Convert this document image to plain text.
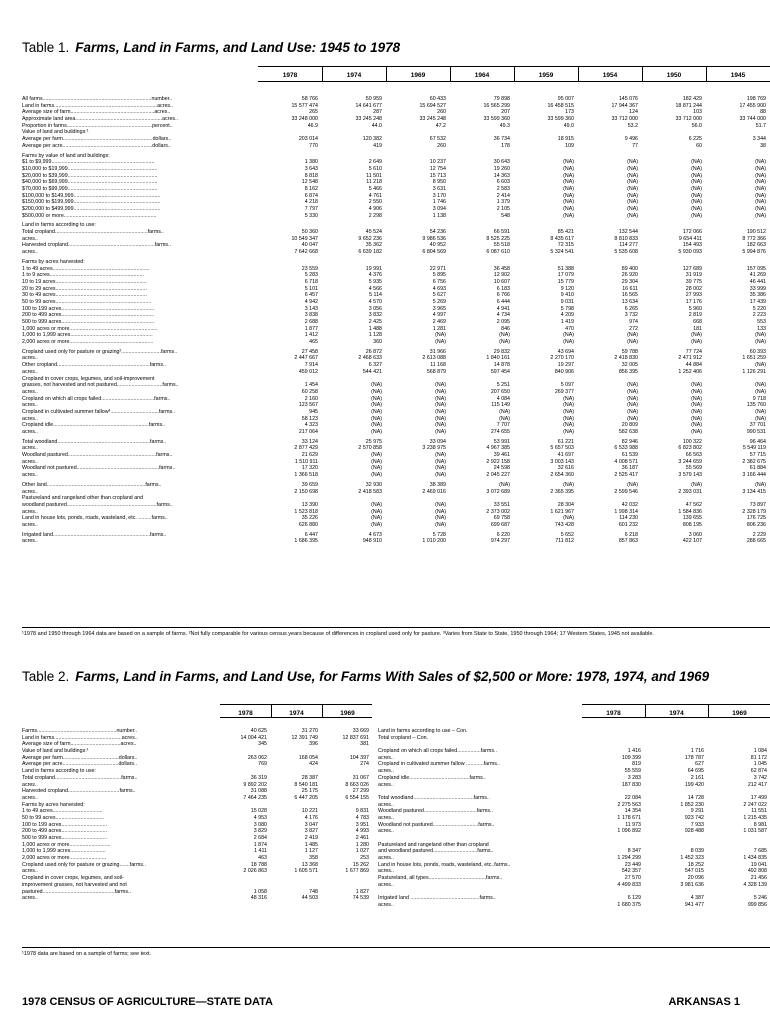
Table 1. Farms, Land in Farms, and Land Use: 1945 to 1978
1978	1974	1969	1964	1959	1954	1950	1945
All farms..........................................................................number..	58 766	50 959	60 433	79 898	95 007	145 076	182 429	198 769
Land in farms......................................................................acres..	15 577 474	14 641 677	15 694 527	16 565 299	16 458 515	17 944 367	18 871 244	17 455 900
Average size of farm.........................................................acres..	265	287	260	207	173	124	103	88
Approximate land area...........................................................acres..	33 248 000	33 245 248	33 245 248	33 599 360	33 599 360	33 712 000	33 712 000	33 744 000
Proportion in farms..........................................................percent..	46.9	44.0	47.2	49.3	49.0	53.2	56.0	51.7
Value of land and buildings:¹
Average per farm.............................................................dollars..	203 014	120 382	67 532	36 734	18 915	9 496	6 225	3 344
Average per acre.............................................................dollars..	770	419	260	178	109	77	60	38
Farms by value of land and buildings:
$1 to $9,999......................................................................	1 380	2 649	10 237	30 643	(NA)	(NA)	(NA)	(NA)
$10,000 to $19,999.............................................................	3 643	5 610	12 754	19 260	(NA)	(NA)	(NA)	(NA)
$20,000 to $39,999.............................................................	8 818	11 501	15 713	14 363	(NA)	(NA)	(NA)	(NA)
$40,000 to $69,999.............................................................	12 548	11 218	8 950	6 603	(NA)	(NA)	(NA)	(NA)
$70,000 to $99,999.............................................................	8 162	5 466	3 631	2 583	(NA)	(NA)	(NA)	(NA)
$100,000 to $149,999...........................................................	6 874	4 761	3 170	2 414	(NA)	(NA)	(NA)	(NA)
$150,000 to $199,999...........................................................	4 218	2 550	1 746	1 379	(NA)	(NA)	(NA)	(NA)
$200,000 to $499,999...........................................................	7 797	4 906	3 094	2 105	(NA)	(NA)	(NA)	(NA)
$500,000 or more...............................................................	5 330	2 298	1 138	548	(NA)	(NA)	(NA)	(NA)
Land in farms according to use:
Total cropland...............................................................farms..	50 360	45 524	54 236	66 591	85 421	132 544	172 066	190 512
acres..	10 549 347	9 652 236	9 986 536	8 525 225	8 435 617	8 810 833	9 654 411	8 772 366
Harvested cropland...........................................................farms..	40 047	35 362	40 952	55 518	72 315	114 277	154 493	182 663
acres..	7 642 668	6 639 182	6 804 569	6 087 610	5 324 541	5 535 608	5 930 093	5 994 876
Farms by acres harvested:
1 to 49 acres..................................................................	23 559	19 991	22 971	36 458	51 388	89 400	127 689	157 095
1 to 9 acres................................................................	5 283	4 376	5 895	12 902	17 079	26 920	31 919	41 269
10 to 19 acres..............................................................	6 718	5 935	6 756	10 607	15 779	29 304	39 775	46 441
20 to 29 acres..............................................................	5 101	4 566	4 693	6 183	9 120	16 611	28 002	33 999
30 to 49 acres..............................................................	6 457	5 114	5 627	6 766	9 410	16 565	27 993	35 386
50 to 99 acres.................................................................	4 942	4 570	5 269	6 444	9 031	13 634	17 176	17 439
100 to 199 acres...............................................................	3 143	3 056	3 965	4 941	5 798	6 265	5 960	5 220
200 to 499 acres...............................................................	3 838	3 832	4 997	4 734	4 209	3 732	2 819	2 223
500 to 999 acres...............................................................	2 688	2 425	2 469	2 095	1 419	974	668	553
1,000 acres or more............................................................	1 877	1 488	1 281	846	470	272	181	133
1,000 to 1,999 acres........................................................	1 412	1 128	(NA)	(NA)	(NA)	(NA)	(NA)	(NA)
2,000 acres or more.........................................................	465	360	(NA)	(NA)	(NA)	(NA)	(NA)	(NA)
Cropland used only for pasture or grazing²...........................farms..	27 458	26 872	31 966	29 832	43 694	59 788	77 724	60 393
acres..	2 447 667	2 468 633	2 613 088	1 840 161	2 270 170	2 418 830	2 471 912	1 651 259
Other cropland...............................................................farms..	7 914	6 327	11 168	14 878	19 297	32 005	44 884	(NA)
acres..	459 012	544 421	568 879	597 454	840 906	856 395	1 252 406	1 126 291
Cropland in cover crops, legumes, and soil-improvement
grasses, not harvested and not pastured...............................farms..	1 454	(NA)	(NA)	5 251	5 097	(NA)	(NA)	(NA)
acres..	60 258	(NA)	(NA)	207 650	269 377	(NA)	(NA)	(NA)
Cropland on which all crops failed....................................farms..	2 160	(NA)	(NA)	4 084	(NA)	(NA)	(NA)	9 718
acres..	123 567	(NA)	(NA)	115 149	(NA)	(NA)	(NA)	135 760
Cropland in cultivated summer fallow³.................................farms..	945	(NA)	(NA)	(NA)	(NA)	(NA)	(NA)	(NA)
acres..	58 123	(NA)	(NA)	(NA)	(NA)	(NA)	(NA)	(NA)
Cropland idle.................................................................farms..	4 323	(NA)	(NA)	7 707	(NA)	20 809	(NA)	37 701
acres..	217 064	(NA)	(NA)	274 655	(NA)	582 638	(NA)	990 531
Total woodland...............................................................farms..	33 124	25 975	33 094	53 991	61 221	82 946	100 322	96 464
acres..	2 877 429	2 570 858	3 238 975	4 967 385	5 657 503	6 533 988	6 823 802	5 549 119
Woodland pastured............................................................farms..	21 629	(NA)	(NA)	39 461	41 697	61 539	66 563	57 715
acres..	1 510 911	(NA)	(NA)	2 922 158	3 003 143	4 008 571	3 244 659	2 382 675
Woodland not pastured........................................................farms..	17 320	(NA)	(NA)	24 598	32 616	36 187	55 569	61 884
acres..	1 366 518	(NA)	(NA)	2 045 227	2 654 360	2 525 417	3 579 143	3 166 444
Other land...................................................................farms..	39 659	32 930	38 389	(NA)	(NA)	(NA)	(NA)	(NA)
acres..	2 150 698	2 418 583	2 469 016	3 072 689	2 365 395	2 599 546	2 393 031	3 134 415
Pastureland and rangeland other than cropland and
woodland pastured.............................................................farms..	13 390	(NA)	(NA)	33 551	28 304	42 032	47 562	73 897
acres..	1 523 818	(NA)	(NA)	2 373 002	1 621 967	1 998 314	1 584 836	2 328 179
Land in house lots, ponds, roads, wasteland, etc. .........farms..	35 226	(NA)	(NA)	69 758	(NA)	114 230	139 655	176 725
acres..	626 880	(NA)	(NA)	699 687	743 428	601 232	808 195	806 236
Irrigated land..................................................................farms..	6 447	4 673	5 728	6 220	5 652	6 218	3 060	2 229
acres..	1 686 395	948 910	1 010 200	974 297	711 812	857 863	422 107	288 665
¹1978 and 1950 through 1964 data are based on a sample of farms. ²Not fully comparable for various census years because of differences in cropland used only for pasture. ³Varies from State to State, 1950 through 1964; 17 Western States, 1945 not available.
Table 2. Farms, Land in Farms, and Land Use, for Farms With Sales of $2,500 or More: 1978, 1974, and 1969
1978	1974	1969	1978	1974	1969
Farms......................................................number..	40 625	31 270	33 669
Land in farms..............................................acres..	14 004 421	12 391 749	12 837 691
Average size of farm..................................acres..	345	396	381
Value of land and buildings:¹
Average per farm......................................dollars..	263 062	168 054	104 397
Average per acre......................................dollars..	769	424	274
Land in farms according to use:
Total cropland.............................................farms..	36 319	28 387	31 067
acres..	9 892 202	8 540 181	8 663 026
Harvested cropland...................................farms..	31 088	25 175	27 299
acres..	7 464 235	6 447 205	6 554 155
Farms by acres harvested:
1 to 49 acres..................................	15 028	10 221	9 831
50 to 99 acres.................................	4 953	4 176	4 783
100 to 199 acres...............................	3 080	3 047	3 951
200 to 499 acres...............................	3 829	3 827	4 993
500 to 999 acres...............................	2 684	2 419	2 461
1,000 acres or more............................	1 874	1 485	1 280
1,000 to 1,999 acres........................	1 411	1 127	1 027
2,000 acres or more.........................	463	358	253
Cropland used only for pasture or grazing.......farms..	18 788	13 368	15 262
acres..	2 026 863	1 605 571	1 677 869
Cropland in cover crops, legumes, and soil-
improvement grasses, not harvested and not
pastured.................................................farms..	1 058	748	1 827
acres..	48 316	44 503	74 539
Land in farms according to use – Con.
Total cropland – Con.
Cropland on which all crops failed................farms..	1 416	1 716	1 084
acres..	109 399	178 787	81 172
Cropland in cultivated summer fallow ............farms..	819	627	1 045
acres..	55 559	64 695	62 874
Cropland idle.........................................farms..	3 283	2 161	3 742
acres..	187 830	199 420	212 417
Total woodland.........................................farms..	22 084	14 728	17 499
acres..	2 275 563	1 852 230	2 247 022
Woodland pastured....................................farms..	14 354	9 291	11 551
acres..	1 178 671	923 742	1 215 435
Woodland not pastured...............................farms..	11 973	7 933	8 981
acres..	1 096 892	928 488	1 031 587
Pastureland and rangeland other than cropland
and woodland pastured..............................farms..	8 347	8 039	7 685
acres..	1 294 299	1 452 323	1 434 835
Land in house lots, ponds, roads, wasteland, etc..farms..	23 449	18 252	19 041
acres..	542 357	547 015	492 808
Pastureland, all types.......................................farms..	27 570	20 096	21 456
acres..	4 499 833	3 981 636	4 328 139
Irrigated land ...............................................farms..	6 129	4 387	5 246
acres..	1 680 375	941 477	999 856
¹1978 data are based on a sample of farms; see text.
1978 CENSUS OF AGRICULTURE—STATE DATA	ARKANSAS 1
